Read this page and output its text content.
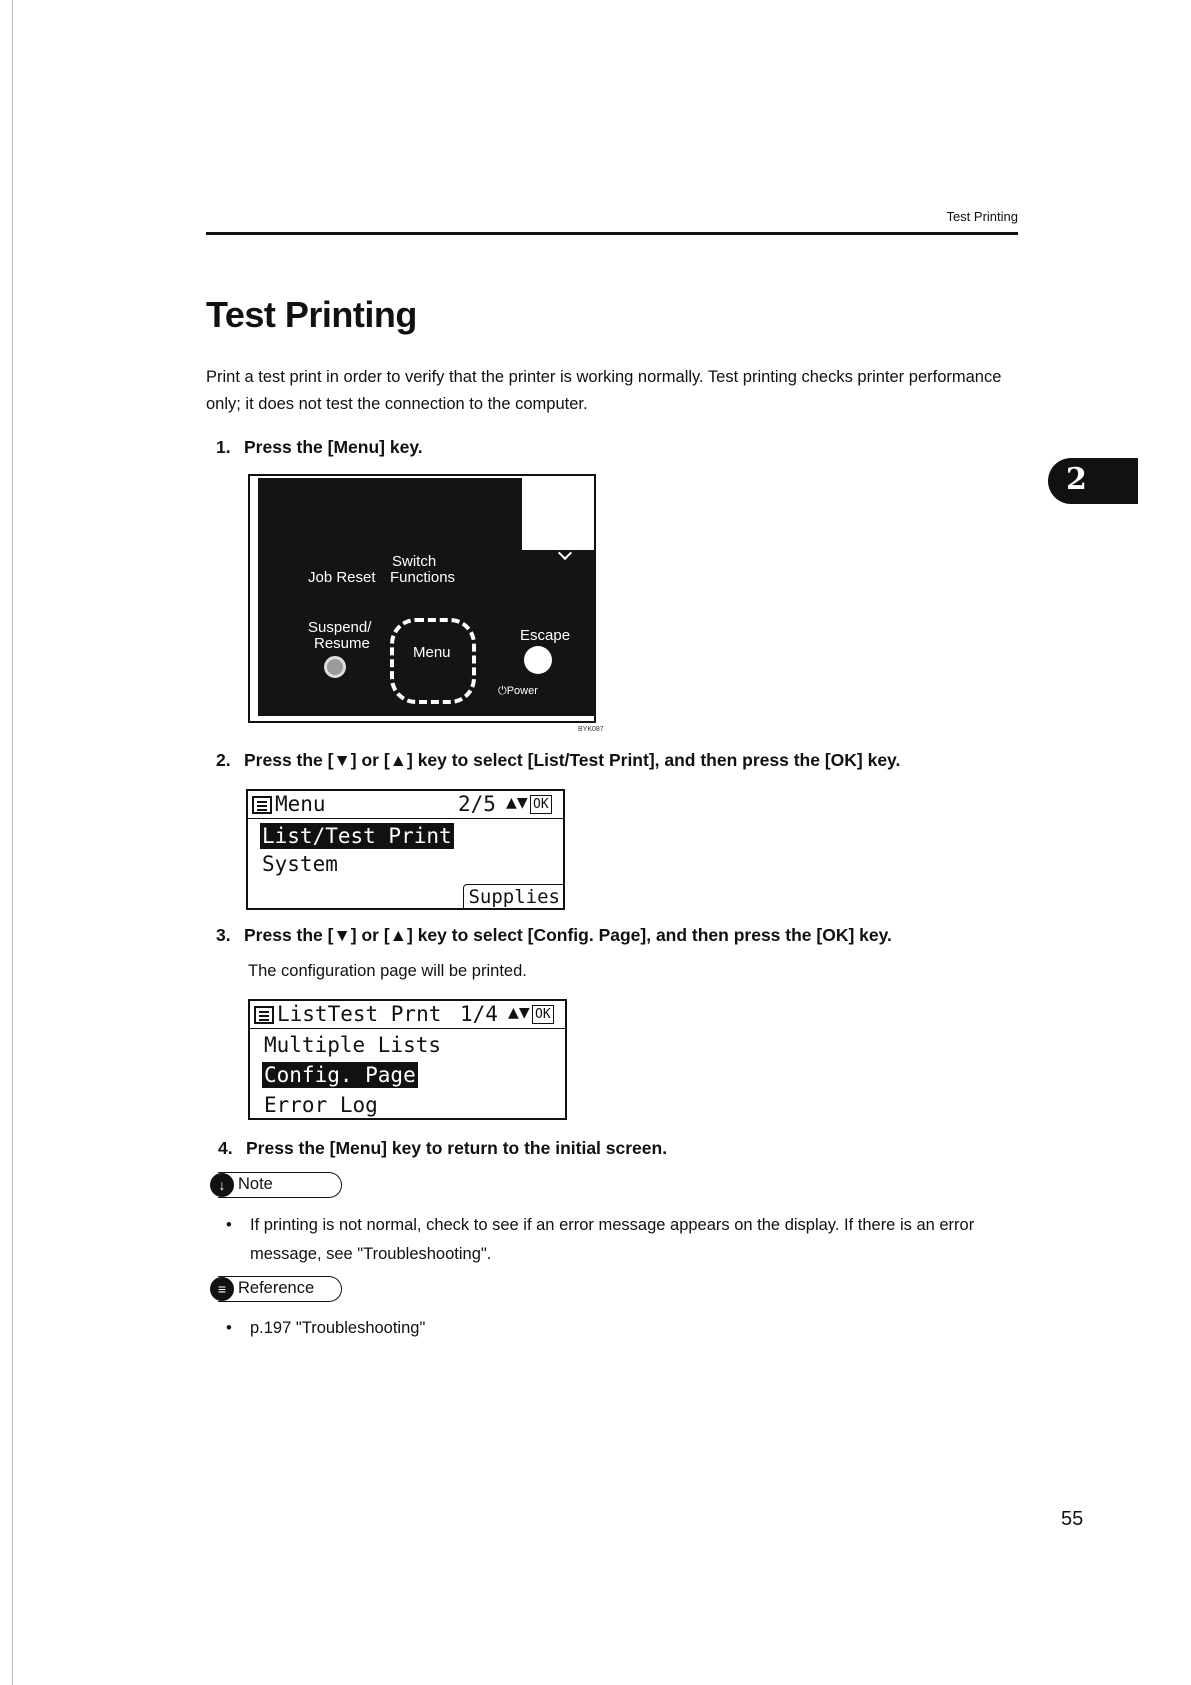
Test Printing
2
Test Printing

Print a test print in order to verify that the printer is working normally. Test printing checks printer performance only; it does not test the connection to the computer.

1. Press the [Menu] key.
Switch
Job Reset Functions
Suspend/
Resume
Menu
Escape
⏻Power
BYK087
2. Press the [▼] or [▲] key to select [List/Test Print], and then press the [OK] key.
Menu	2/5 ▲▼ OK
List/Test Print
System
Supplies
3. Press the [▼] or [▲] key to select [Config. Page], and then press the [OK] key.
The configuration page will be printed.
ListTest Prnt 1/4 ▲▼ OK
Multiple Lists
Config. Page
Error Log
4. Press the [Menu] key to return to the initial screen.
↓ Note
• If printing is not normal, check to see if an error message appears on the display. If there is an error message, see "Troubleshooting".
≡ Reference
• p.197 "Troubleshooting"
55
